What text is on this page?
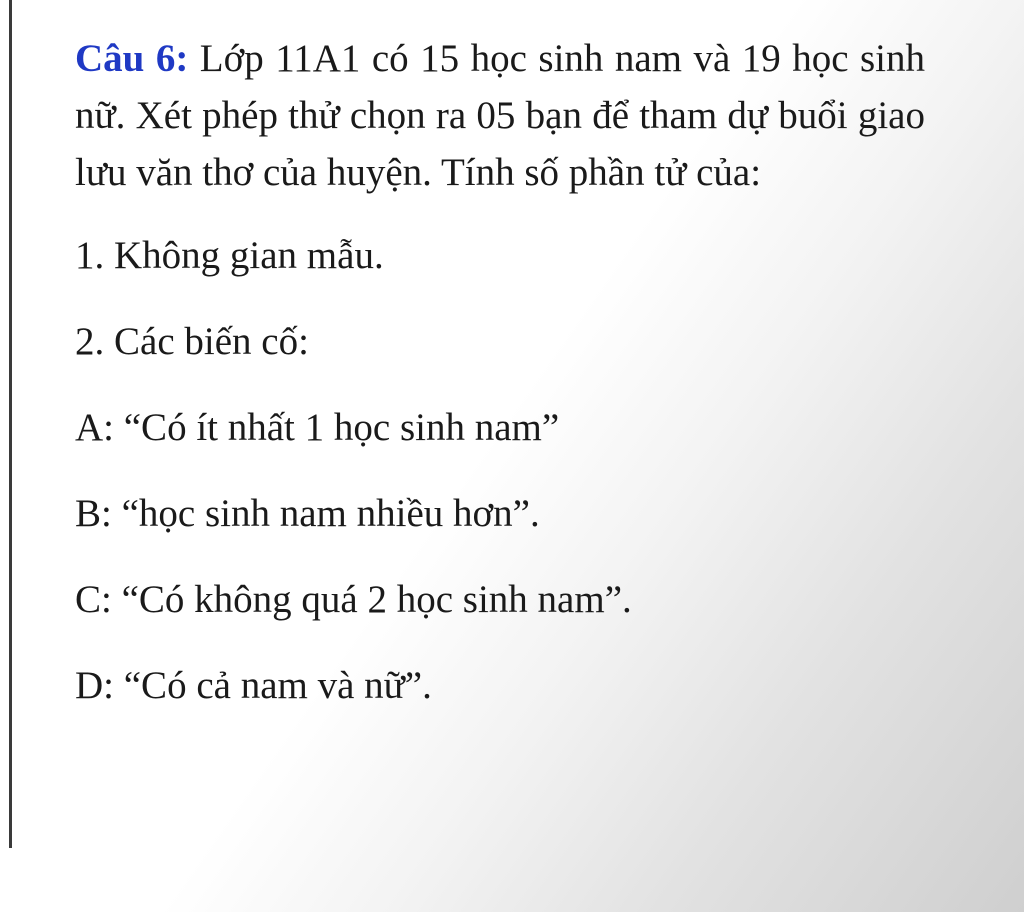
Câu 6: Lớp 11A1 có 15 học sinh nam và 19 học sinh nữ. Xét phép thử chọn ra 05 bạn để tham dự buổi giao lưu văn thơ của huyện. Tính số phần tử của:

1. Không gian mẫu.

2. Các biến cố:

A: “Có ít nhất 1 học sinh nam”

B: “học sinh nam nhiều hơn”.

C: “Có không quá 2 học sinh nam”.

D: “Có cả nam và nữ”.
